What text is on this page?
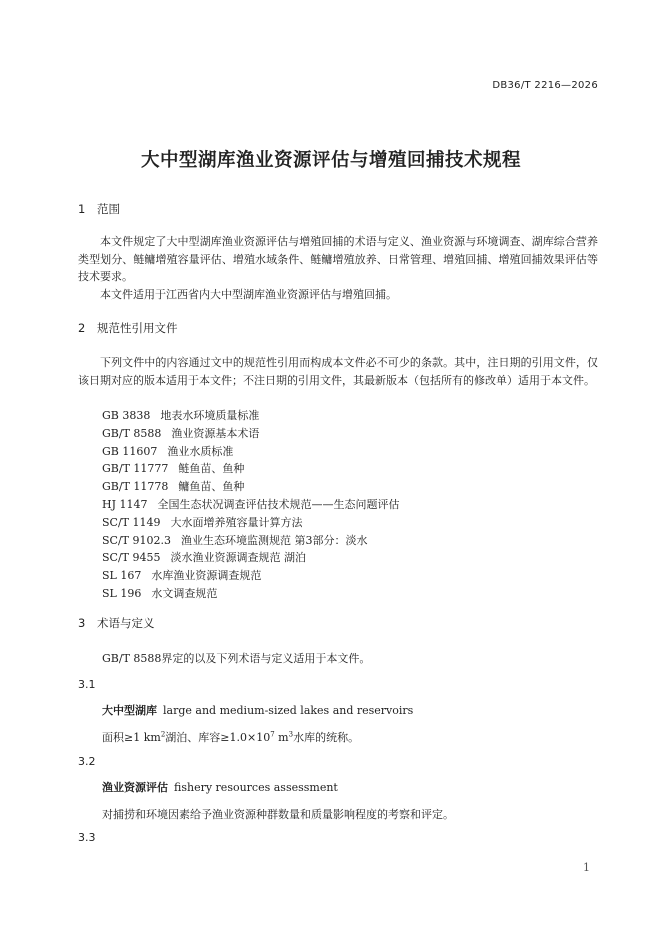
DB36/T 2216—2026
大中型湖库渔业资源评估与增殖回捕技术规程
1 范围
本文件规定了大中型湖库渔业资源评估与增殖回捕的术语与定义、渔业资源与环境调查、湖库综合营养类型划分、鲢鳙增殖容量评估、增殖水域条件、鲢鳙增殖放养、日常管理、增殖回捕、增殖回捕效果评估等技术要求。
本文件适用于江西省内大中型湖库渔业资源评估与增殖回捕。
2 规范性引用文件
下列文件中的内容通过文中的规范性引用而构成本文件必不可少的条款。其中，注日期的引用文件，仅该日期对应的版本适用于本文件；不注日期的引用文件，其最新版本（包括所有的修改单）适用于本文件。
GB 3838 地表水环境质量标准
GB/T 8588 渔业资源基本术语
GB 11607 渔业水质标准
GB/T 11777 鲢鱼苗、鱼种
GB/T 11778 鳙鱼苗、鱼种
HJ 1147 全国生态状况调查评估技术规范——生态问题评估
SC/T 1149 大水面增养殖容量计算方法
SC/T 9102.3 渔业生态环境监测规范 第3部分：淡水
SC/T 9455 淡水渔业资源调查规范 湖泊
SL 167 水库渔业资源调查规范
SL 196 水文调查规范
3 术语与定义
GB/T 8588界定的以及下列术语与定义适用于本文件。
3.1
大中型湖库 large and medium-sized lakes and reservoirs
面积≥1 $km^2$湖泊、库容$\ge 1.0\times 10^7$ $m^3$水库的统称。
3.2
渔业资源评估 fishery resources assessment
对捕捞和环境因素给予渔业资源种群数量和质量影响程度的考察和评定。
3.3
1
